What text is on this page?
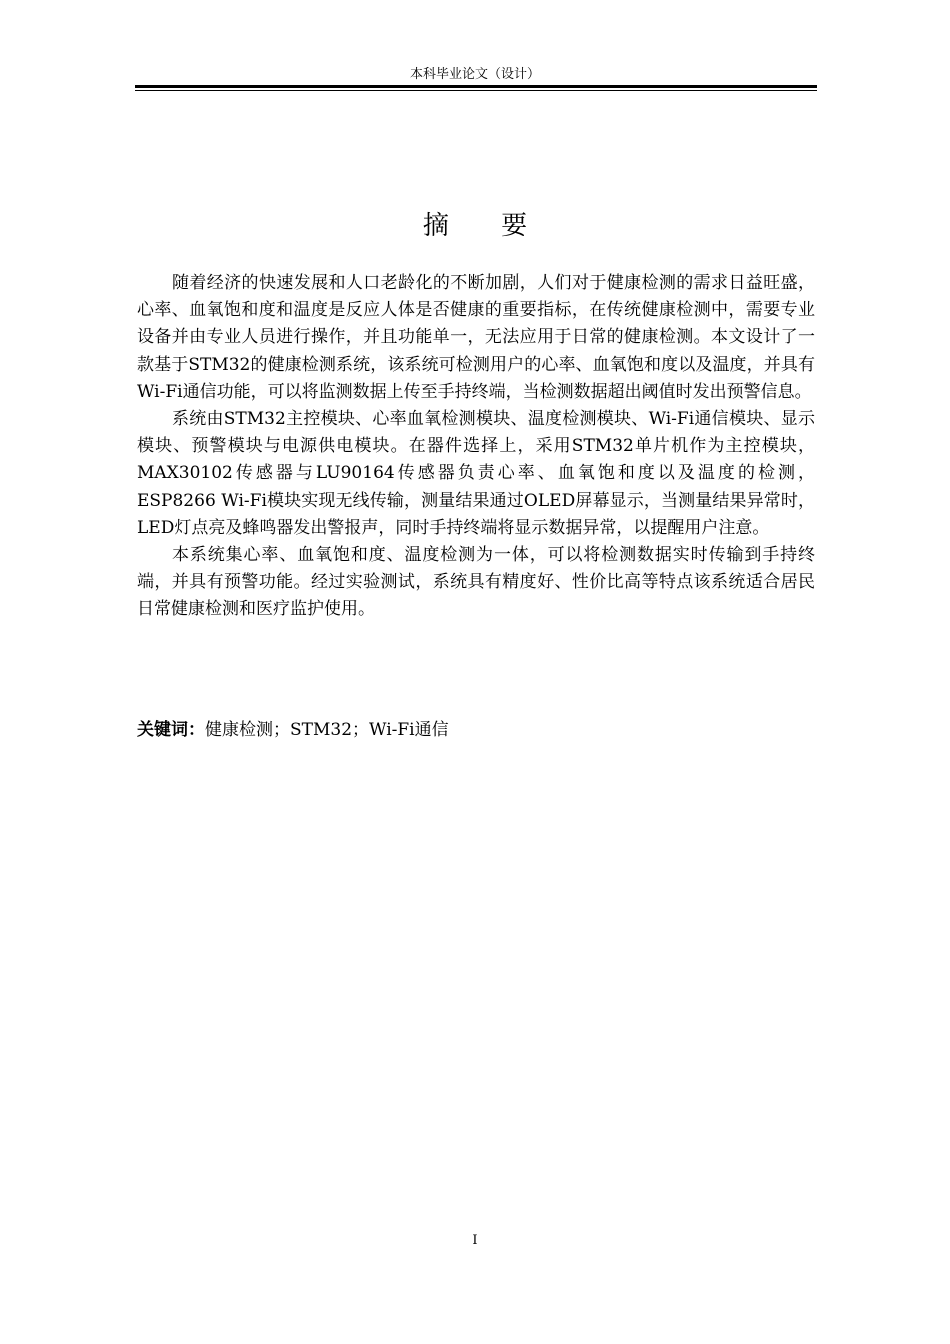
本科毕业论文（设计）
摘 要

随着经济的快速发展和人口老龄化的不断加剧，人们对于健康检测的需求日益旺盛，心率、血氧饱和度和温度是反应人体是否健康的重要指标，在传统健康检测中，需要专业设备并由专业人员进行操作，并且功能单一，无法应用于日常的健康检测。本文设计了一款基于STM32的健康检测系统，该系统可检测用户的心率、血氧饱和度以及温度，并具有Wi-Fi通信功能，可以将监测数据上传至手持终端，当检测数据超出阈值时发出预警信息。

系统由STM32主控模块、心率血氧检测模块、温度检测模块、Wi-Fi通信模块、显示模块、预警模块与电源供电模块。在器件选择上，采用STM32单片机作为主控模块，MAX30102传感器与LU90164传感器负责心率、血氧饱和度以及温度的检测，ESP8266 Wi-Fi模块实现无线传输，测量结果通过OLED屏幕显示，当测量结果异常时，LED灯点亮及蜂鸣器发出警报声，同时手持终端将显示数据异常，以提醒用户注意。

本系统集心率、血氧饱和度、温度检测为一体，可以将检测数据实时传输到手持终端，并具有预警功能。经过实验测试，系统具有精度好、性价比高等特点该系统适合居民日常健康检测和医疗监护使用。

关键词：健康检测；STM32；Wi-Fi通信
I
